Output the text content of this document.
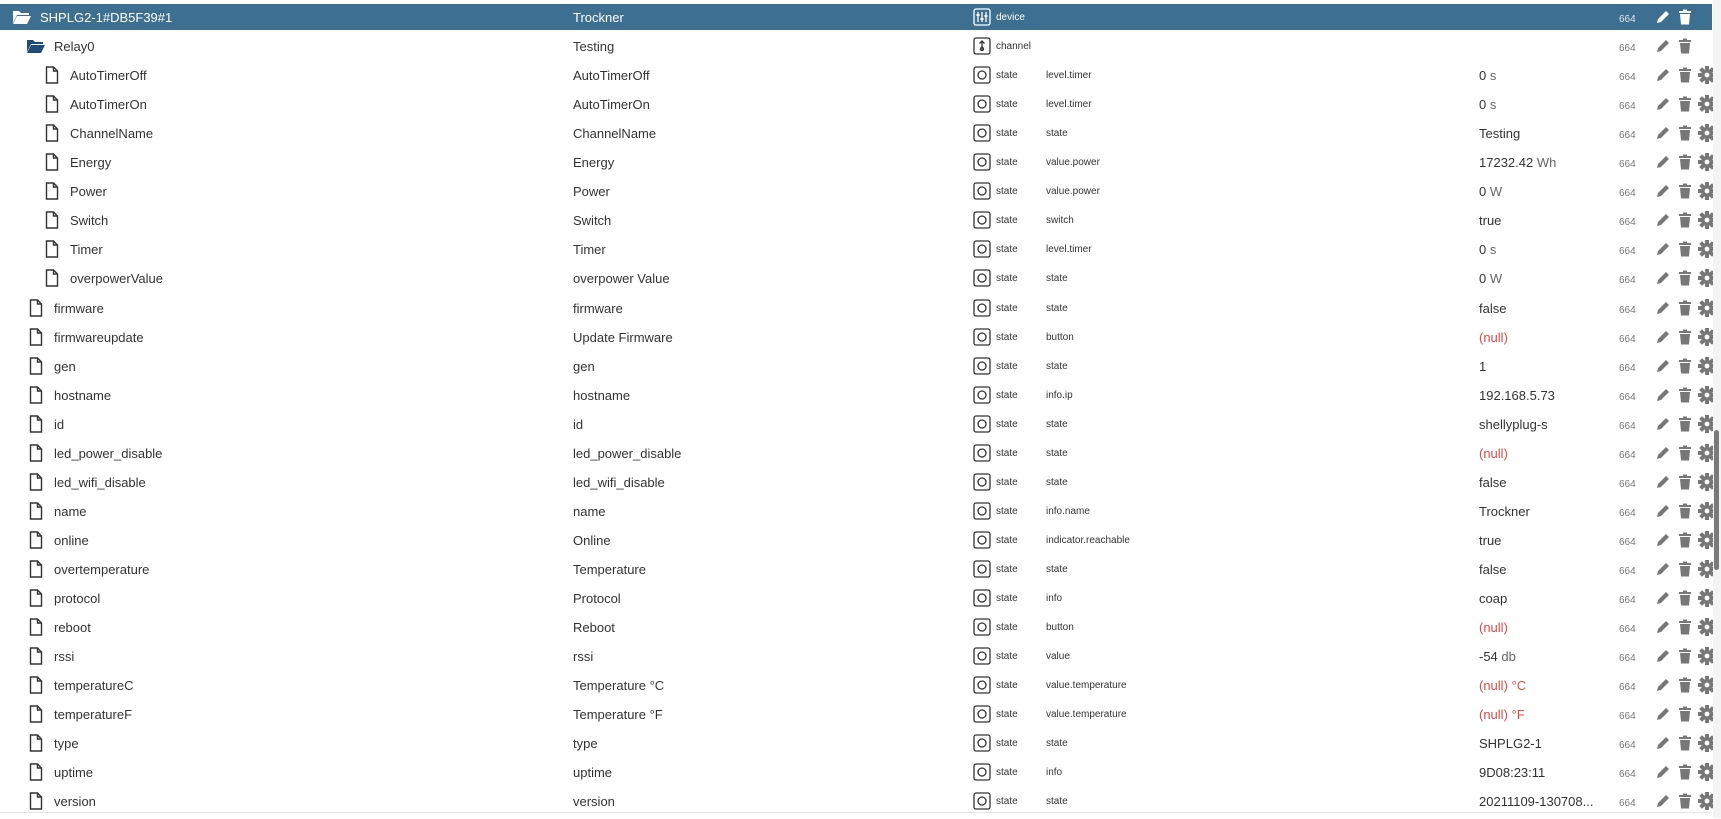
SHPLG2-1#DB5F39#1	Trockner	device	664
Relay0	Testing	channel	664
AutoTimerOff	AutoTimerOff	state	level.timer	0 s	664
AutoTimerOn	AutoTimerOn	state	level.timer	0 s	664
ChannelName	ChannelName	state	state	Testing	664
Energy	Energy	state	value.power	17232.42 Wh	664
Power	Power	state	value.power	0 W	664
Switch	Switch	state	switch	true	664
Timer	Timer	state	level.timer	0 s	664
overpowerValue	overpower Value	state	state	0 W	664
firmware	firmware	state	state	false	664
firmwareupdate	Update Firmware	state	button	(null)	664
gen	gen	state	state	1	664
hostname	hostname	state	info.ip	192.168.5.73	664
id	id	state	state	shellyplug-s	664
led_power_disable	led_power_disable	state	state	(null)	664
led_wifi_disable	led_wifi_disable	state	state	false	664
name	name	state	info.name	Trockner	664
online	Online	state	indicator.reachable	true	664
overtemperature	Temperature	state	state	false	664
protocol	Protocol	state	info	coap	664
reboot	Reboot	state	button	(null)	664
rssi	rssi	state	value	-54 db	664
temperatureC	Temperature °C	state	value.temperature	(null) °C	664
temperatureF	Temperature °F	state	value.temperature	(null) °F	664
type	type	state	state	SHPLG2-1	664
uptime	uptime	state	info	9D08:23:11	664
version	version	state	state	20211109-130708...	664
